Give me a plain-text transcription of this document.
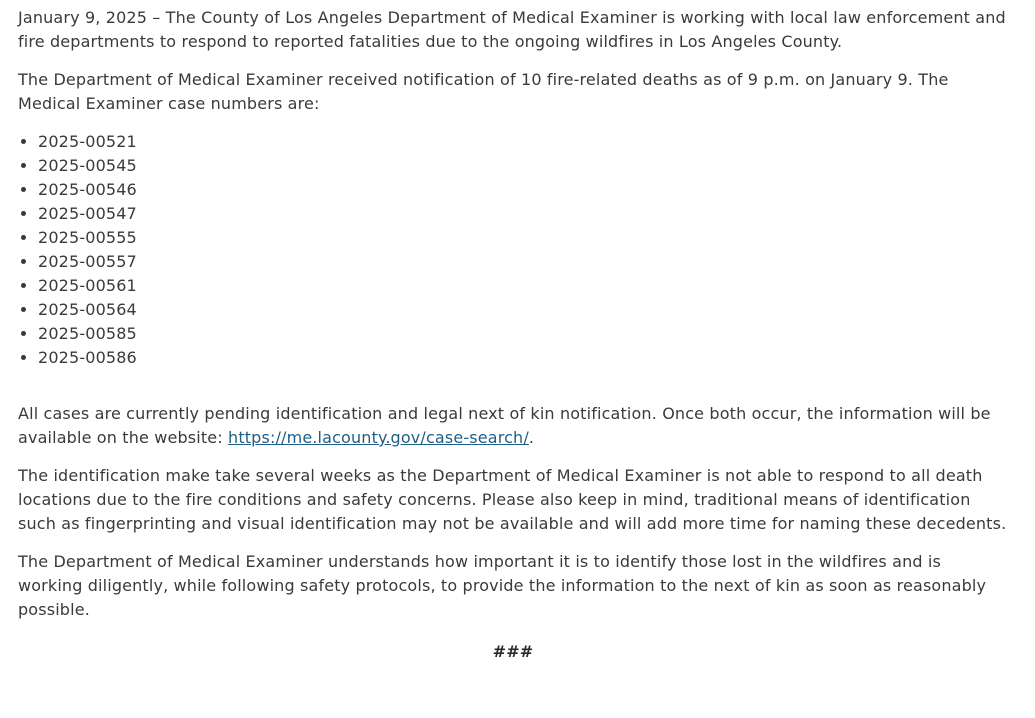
January 9, 2025 – The County of Los Angeles Department of Medical Examiner is working with local law enforcement and fire departments to respond to reported fatalities due to the ongoing wildfires in Los Angeles County.

The Department of Medical Examiner received notification of 10 fire-related deaths as of 9 p.m. on January 9. The Medical Examiner case numbers are:

• 2025-00521
• 2025-00545
• 2025-00546
• 2025-00547
• 2025-00555
• 2025-00557
• 2025-00561
• 2025-00564
• 2025-00585
• 2025-00586

All cases are currently pending identification and legal next of kin notification. Once both occur, the information will be available on the website: https://me.lacounty.gov/case-search/.

The identification make take several weeks as the Department of Medical Examiner is not able to respond to all death locations due to the fire conditions and safety concerns. Please also keep in mind, traditional means of identification such as fingerprinting and visual identification may not be available and will add more time for naming these decedents.

The Department of Medical Examiner understands how important it is to identify those lost in the wildfires and is working diligently, while following safety protocols, to provide the information to the next of kin as soon as reasonably possible.

###
